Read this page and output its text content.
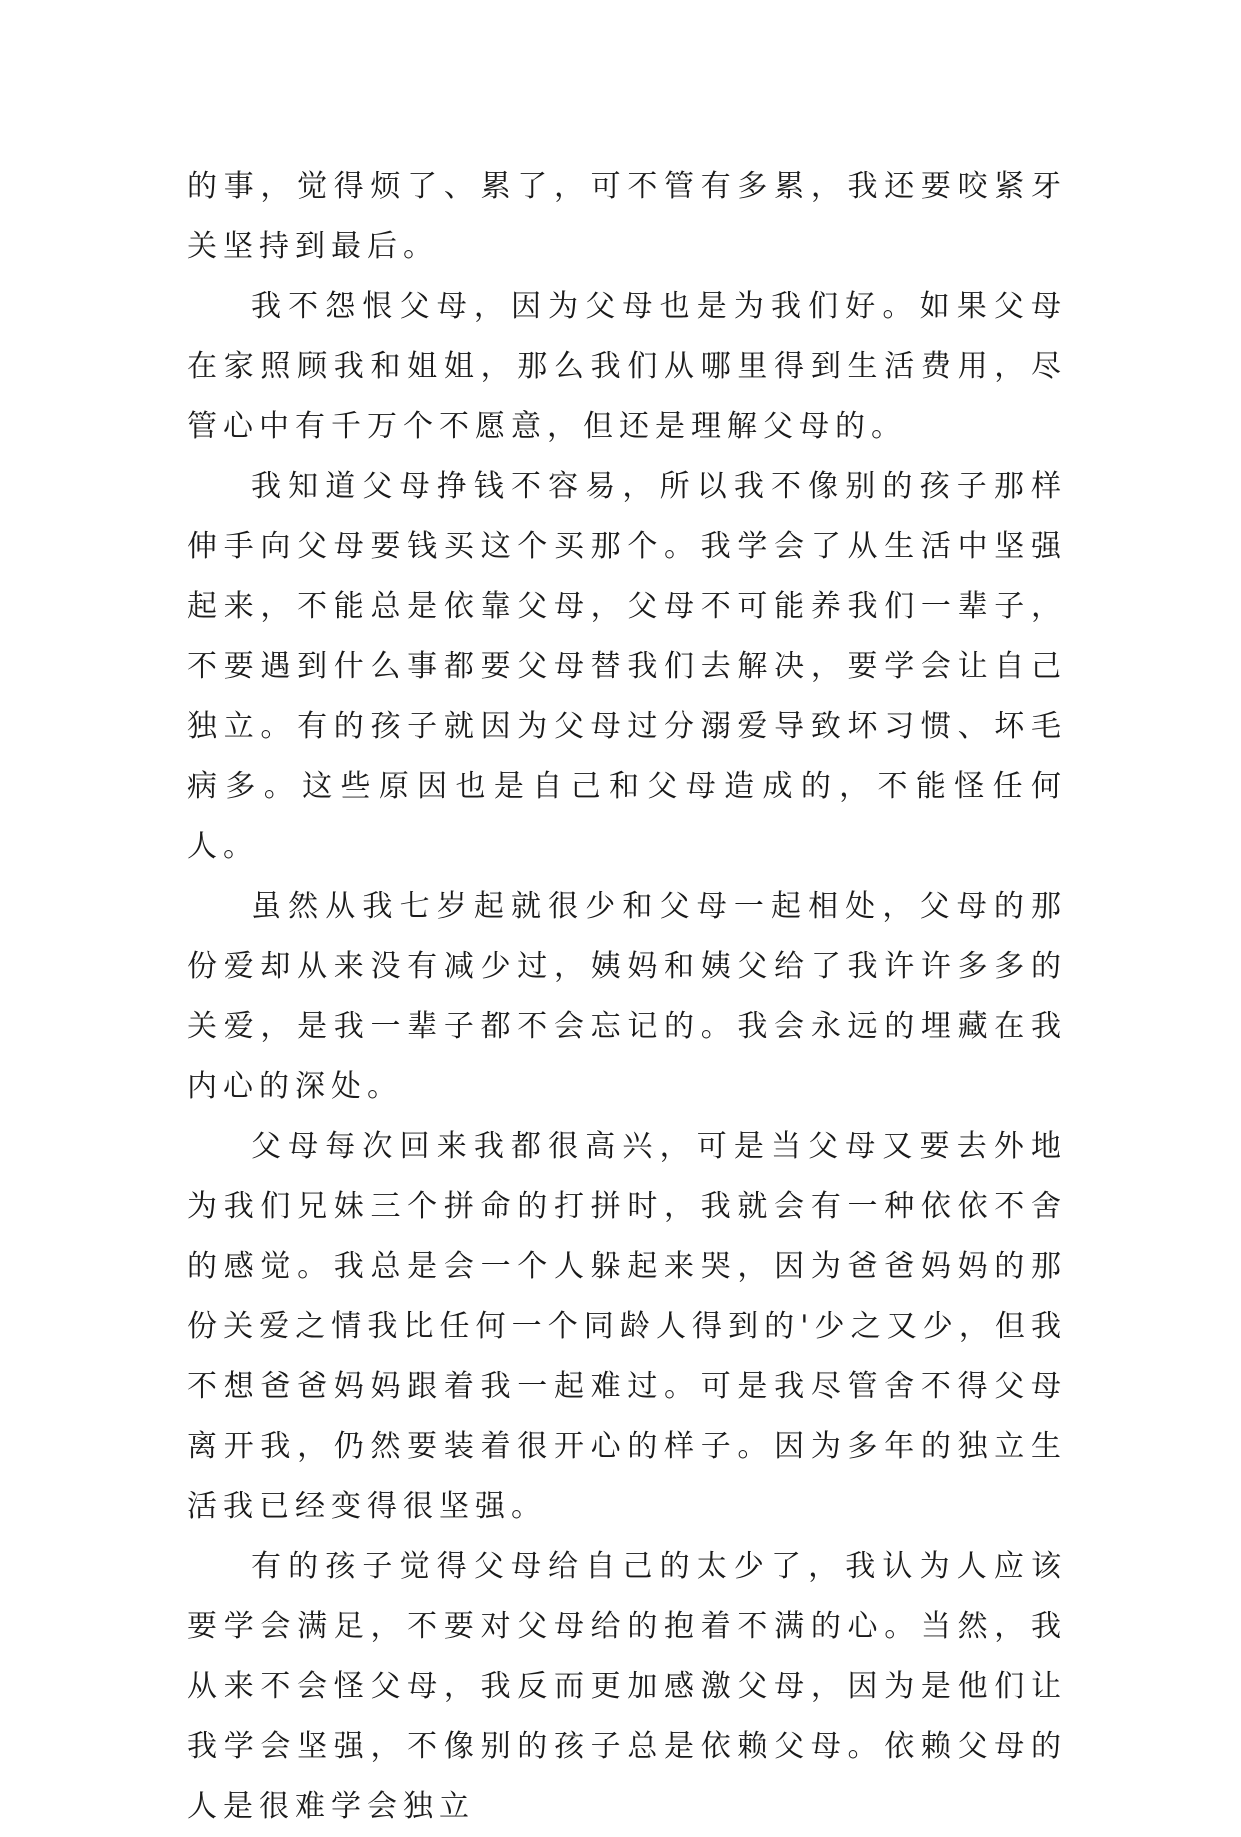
的事，觉得烦了、累了，可不管有多累，我还要咬紧牙关坚持到最后。

我不怨恨父母，因为父母也是为我们好。如果父母在家照顾我和姐姐，那么我们从哪里得到生活费用，尽管心中有千万个不愿意，但还是理解父母的。

我知道父母挣钱不容易，所以我不像别的孩子那样伸手向父母要钱买这个买那个。我学会了从生活中坚强起来，不能总是依靠父母，父母不可能养我们一辈子，不要遇到什么事都要父母替我们去解决，要学会让自己独立。有的孩子就因为父母过分溺爱导致坏习惯、坏毛病多。这些原因也是自己和父母造成的，不能怪任何人。

虽然从我七岁起就很少和父母一起相处，父母的那份爱却从来没有减少过，姨妈和姨父给了我许许多多的关爱，是我一辈子都不会忘记的。我会永远的埋藏在我内心的深处。

父母每次回来我都很高兴，可是当父母又要去外地为我们兄妹三个拼命的打拼时，我就会有一种依依不舍的感觉。我总是会一个人躲起来哭，因为爸爸妈妈的那份关爱之情我比任何一个同龄人得到的'少之又少，但我不想爸爸妈妈跟着我一起难过。可是我尽管舍不得父母离开我，仍然要装着很开心的样子。因为多年的独立生活我已经变得很坚强。

有的孩子觉得父母给自己的太少了，我认为人应该要学会满足，不要对父母给的抱着不满的心。当然，我从来不会怪父母，我反而更加感激父母，因为是他们让我学会坚强，不像别的孩子总是依赖父母。依赖父母的人是很难学会独立
